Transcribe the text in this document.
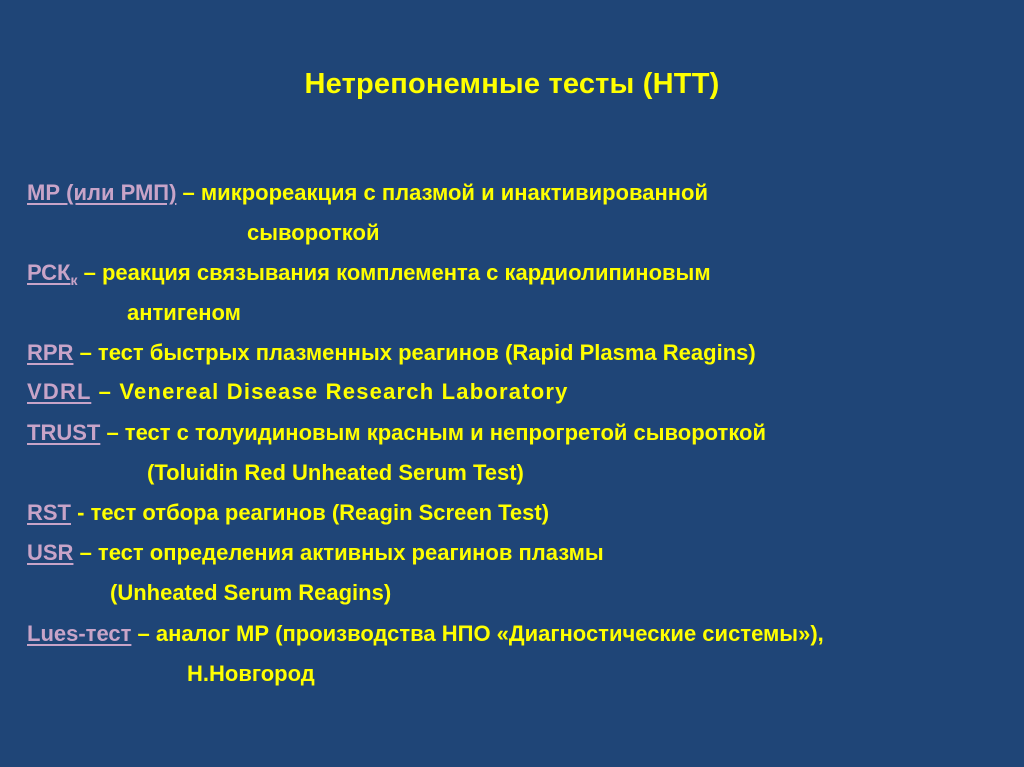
Нетрепонемные тесты (НТТ)
МР (или РМП) – микрореакция с плазмой и инактивированной
сывороткой
$РСК_к$ – реакция связывания комплемента с кардиолипиновым
антигеном
RPR – тест быстрых плазменных реагинов (Rapid Plasma Reagins)
VDRL – Venereal Disease Research Laboratory
TRUST – тест с толуидиновым красным и непрогретой сывороткой
(Toluidin Red Unheated Serum Test)
RST - тест отбора реагинов (Reagin Screen Test)
USR – тест определения активных реагинов плазмы
(Unheated Serum Reagins)
Lues-тест – аналог МР (производства НПО «Диагностические системы»),
Н.Новгород
